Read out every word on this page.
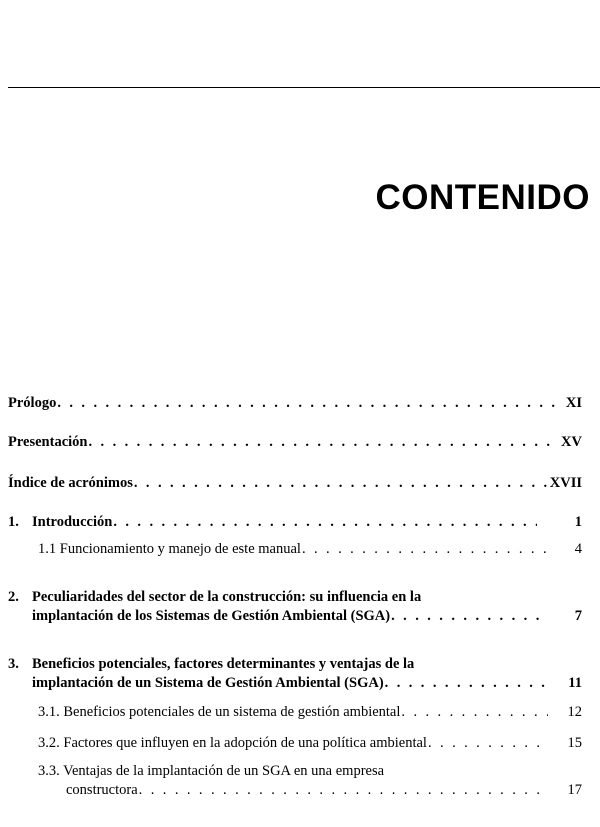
CONTENIDO
Prólogo . . .	XI
Presentación . . .	XV
Índice de acrónimos . . .	XVII
1. Introducción . . .	1
1.1 Funcionamiento y manejo de este manual . . .	4
2. Peculiaridades del sector de la construcción: su influencia en la
implantación de los Sistemas de Gestión Ambiental (SGA) . . .	7
3. Beneficios potenciales, factores determinantes y ventajas de la
implantación de un Sistema de Gestión Ambiental (SGA) . . .	11
3.1. Beneficios potenciales de un sistema de gestión ambiental . . .	12
3.2. Factores que influyen en la adopción de una política ambiental . . .	15
3.3. Ventajas de la implantación de un SGA en una empresa
constructora . . .	17
